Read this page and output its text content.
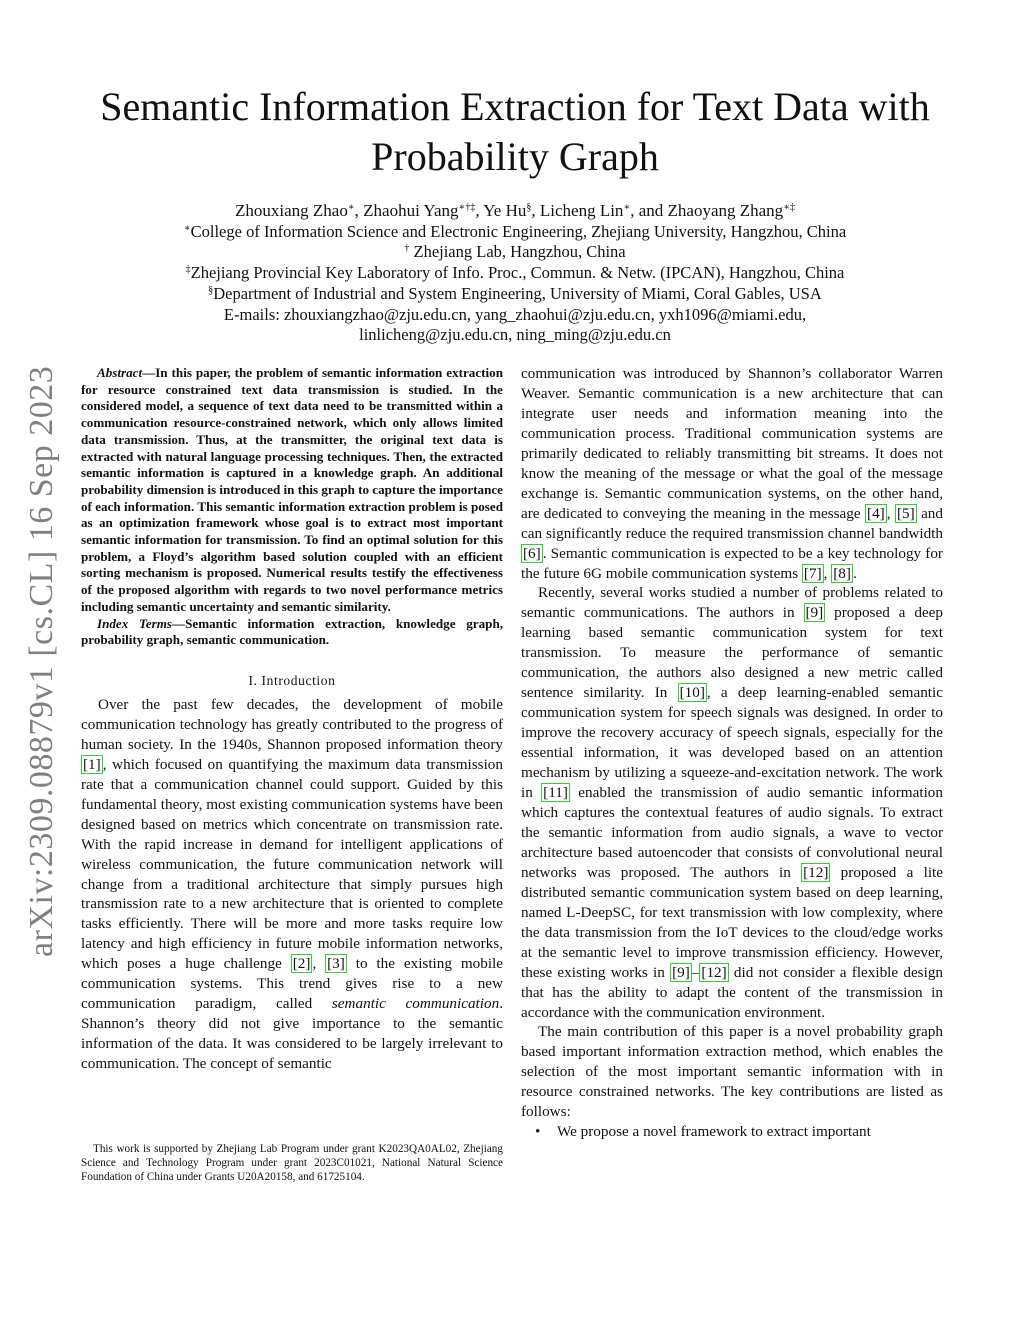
arXiv:2309.08879v1 [cs.CL] 16 Sep 2023
Semantic Information Extraction for Text Data with
Probability Graph
Zhouxiang Zhao∗, Zhaohui Yang∗†‡, Ye Hu§, Licheng Lin∗, and Zhaoyang Zhang∗‡
∗College of Information Science and Electronic Engineering, Zhejiang University, Hangzhou, China
† Zhejiang Lab, Hangzhou, China
‡Zhejiang Provincial Key Laboratory of Info. Proc., Commun. & Netw. (IPCAN), Hangzhou, China
§Department of Industrial and System Engineering, University of Miami, Coral Gables, USA
E-mails: zhouxiangzhao@zju.edu.cn, yang_zhaohui@zju.edu.cn, yxh1096@miami.edu,
linlicheng@zju.edu.cn, ning_ming@zju.edu.cn

Abstract—In this paper, the problem of semantic information extraction for resource constrained text data transmission is studied. In the considered model, a sequence of text data need to be transmitted within a communication resource-constrained network, which only allows limited data transmission. Thus, at the transmitter, the original text data is extracted with natural language processing techniques. Then, the extracted semantic information is captured in a knowledge graph. An additional probability dimension is introduced in this graph to capture the importance of each information. This semantic information extraction problem is posed as an optimization framework whose goal is to extract most important semantic information for transmission. To find an optimal solution for this problem, a Floyd’s algorithm based solution coupled with an efficient sorting mechanism is proposed. Numerical results testify the effectiveness of the proposed algorithm with regards to two novel performance metrics including semantic uncertainty and semantic similarity.

Index Terms—Semantic information extraction, knowledge graph, probability graph, semantic communication.

I. Introduction

Over the past few decades, the development of mobile communication technology has greatly contributed to the progress of human society. In the 1940s, Shannon proposed information theory [1] , which focused on quantifying the maximum data transmission rate that a communication channel could support. Guided by this fundamental theory, most existing communication systems have been designed based on metrics which concentrate on transmission rate. With the rapid increase in demand for intelligent applications of wireless communication, the future communication network will change from a traditional architecture that simply pursues high transmission rate to a new architecture that is oriented to complete tasks efficiently. There will be more and more tasks require low latency and high efficiency in future mobile information networks, which poses a huge challenge [2] , [3] to the existing mobile communication systems. This trend gives rise to a new communication paradigm, called semantic communication. Shannon’s theory did not give importance to the semantic information of the data. It was considered to be largely irrelevant to communication. The concept of semantic

This work is supported by Zhejiang Lab Program under grant K2023QA0AL02, Zhejiang Science and Technology Program under grant 2023C01021, National Natural Science Foundation of China under Grants U20A20158, and 61725104.

communication was introduced by Shannon’s collaborator Warren Weaver. Semantic communication is a new architecture that can integrate user needs and information meaning into the communication process. Traditional communication systems are primarily dedicated to reliably transmitting bit streams. It does not know the meaning of the message or what the goal of the message exchange is. Semantic communication systems, on the other hand, are dedicated to conveying the meaning in the message [4] , [5] and can significantly reduce the required transmission channel bandwidth [6] . Semantic communication is expected to be a key technology for the future 6G mobile communication systems [7] , [8] .

Recently, several works studied a number of problems related to semantic communications. The authors in [9] proposed a deep learning based semantic communication system for text transmission. To measure the performance of semantic communication, the authors also designed a new metric called sentence similarity. In [10] , a deep learning-enabled semantic communication system for speech signals was designed. In order to improve the recovery accuracy of speech signals, especially for the essential information, it was developed based on an attention mechanism by utilizing a squeeze-and-excitation network. The work in [11] enabled the transmission of audio semantic information which captures the contextual features of audio signals. To extract the semantic information from audio signals, a wave to vector architecture based autoencoder that consists of convolutional neural networks was proposed. The authors in [12] proposed a lite distributed semantic communication system based on deep learning, named L-DeepSC, for text transmission with low complexity, where the data transmission from the IoT devices to the cloud/edge works at the semantic level to improve transmission efficiency. However, these existing works in [9] – [12] did not consider a flexible design that has the ability to adapt the content of the transmission in accordance with the communication environment.

The main contribution of this paper is a novel probability graph based important information extraction method, which enables the selection of the most important semantic information with in resource constrained networks. The key contributions are listed as follows:

•	We propose a novel framework to extract important
